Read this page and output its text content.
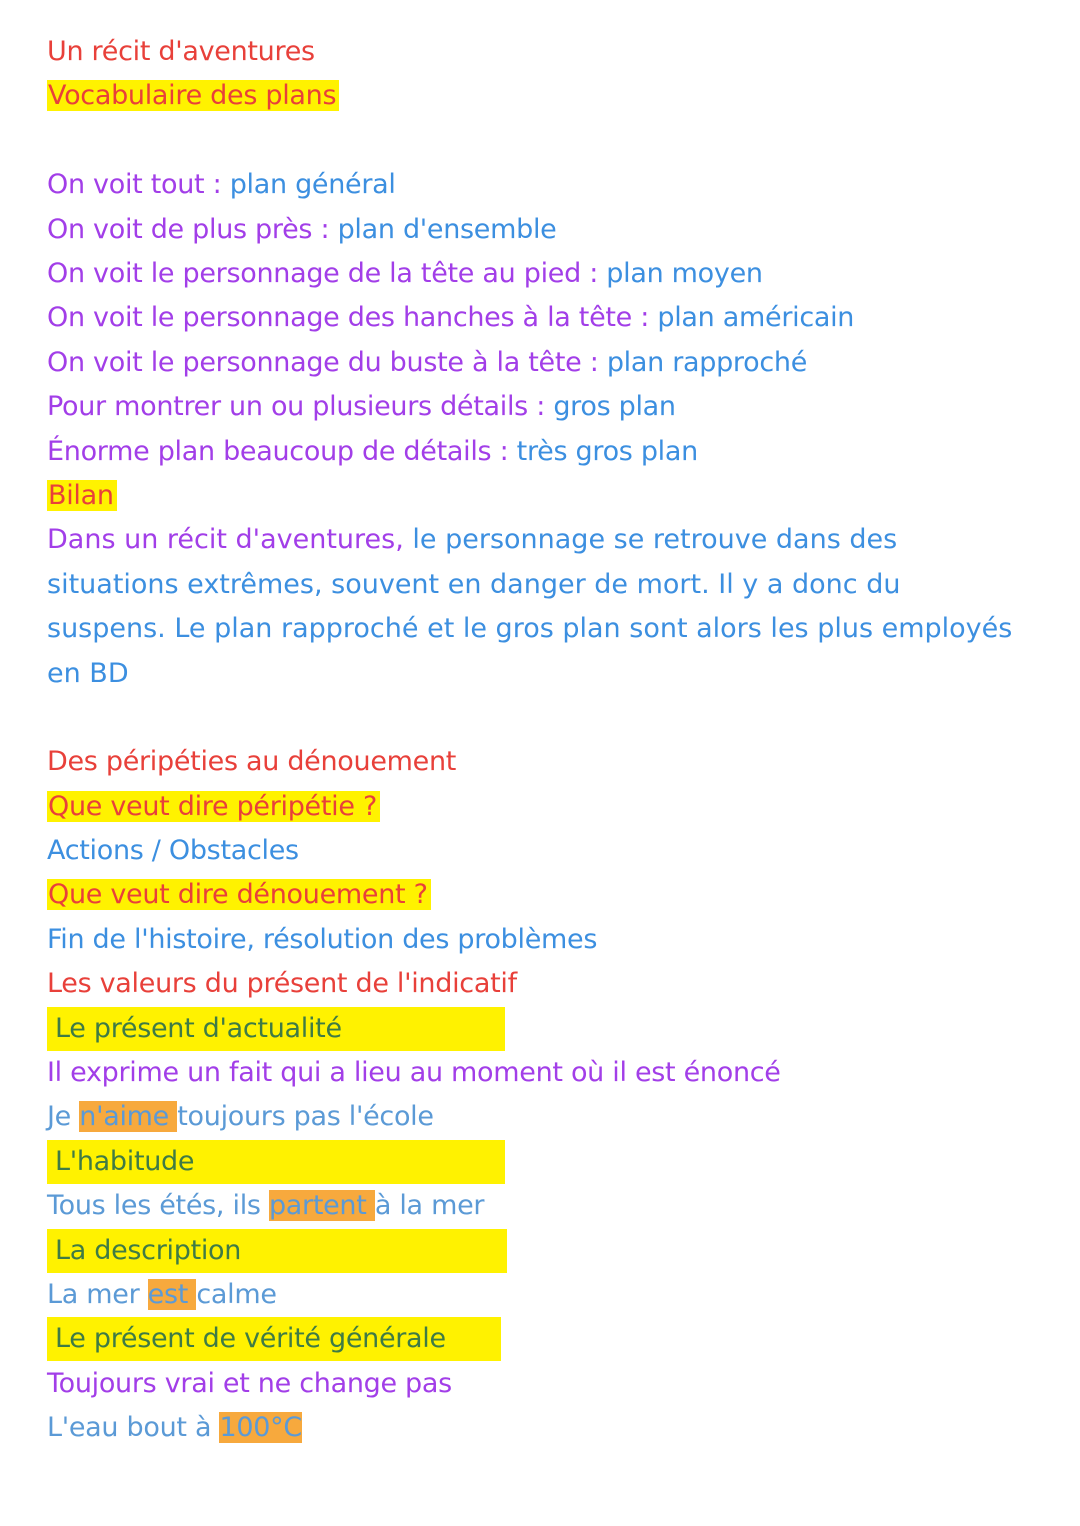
Un récit d'aventures
Vocabulaire des plans
On voit tout : plan général
On voit de plus près : plan d'ensemble
On voit le personnage de la tête au pied : plan moyen
On voit le personnage des hanches à la tête : plan américain
On voit le personnage du buste à la tête : plan rapproché
Pour montrer un ou plusieurs détails : gros plan
Énorme plan beaucoup de détails : très gros plan
Bilan
Dans un récit d'aventures, le personnage se retrouve dans des situations extrêmes, souvent en danger de mort. Il y a donc du suspens. Le plan rapproché et le gros plan sont alors les plus employés en BD
Des péripéties au dénouement
Que veut dire péripétie ?
Actions / Obstacles
Que veut dire dénouement ?
Fin de l'histoire, résolution des problèmes
Les valeurs du présent de l'indicatif
Le présent d'actualité
Il exprime un fait qui a lieu au moment où il est énoncé
Je n'aime toujours pas l'école
L'habitude
Tous les étés, ils partent à la mer
La description
La mer est calme
Le présent de vérité générale
Toujours vrai et ne change pas
L'eau bout à 100°C
